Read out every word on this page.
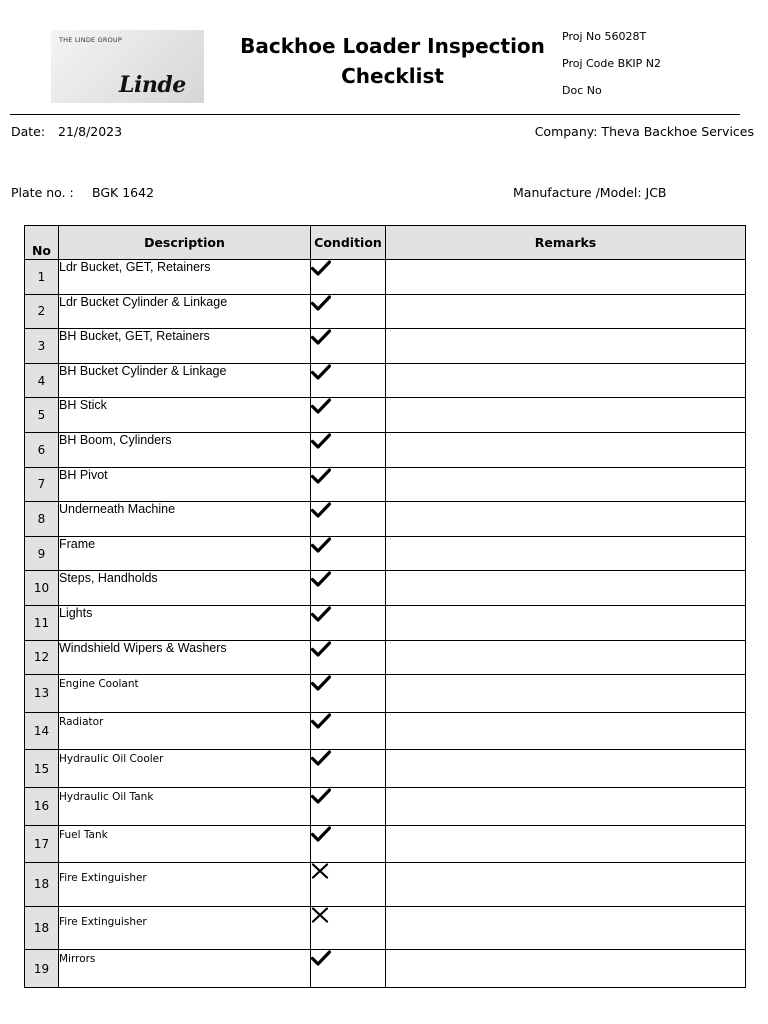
THE LINDE GROUP
Linde
Backhoe Loader Inspection
Checklist
Proj No 56028T
Proj Code BKIP N2
Doc No
Date: 21/8/2023	Company: Theva Backhoe Services
Plate no. : BGK 1642	Manufacture /Model: JCB
No	Description	Condition	Remarks
1	Ldr Bucket, GET, Retainers	

2	Ldr Bucket Cylinder & Linkage	

3	BH Bucket, GET, Retainers	

4	BH Bucket Cylinder & Linkage	

5	BH Stick	

6	BH Boom, Cylinders	

7	BH Pivot	

8	Underneath Machine	

9	Frame	

10	Steps, Handholds	

11	Lights	

12	Windshield Wipers & Washers	

13	Engine Coolant	

14	Radiator	

15	Hydraulic Oil Cooler	

16	Hydraulic Oil Tank	

17	Fuel Tank	

18	Fire Extinguisher	

18	Fire Extinguisher	

19	Mirrors	
